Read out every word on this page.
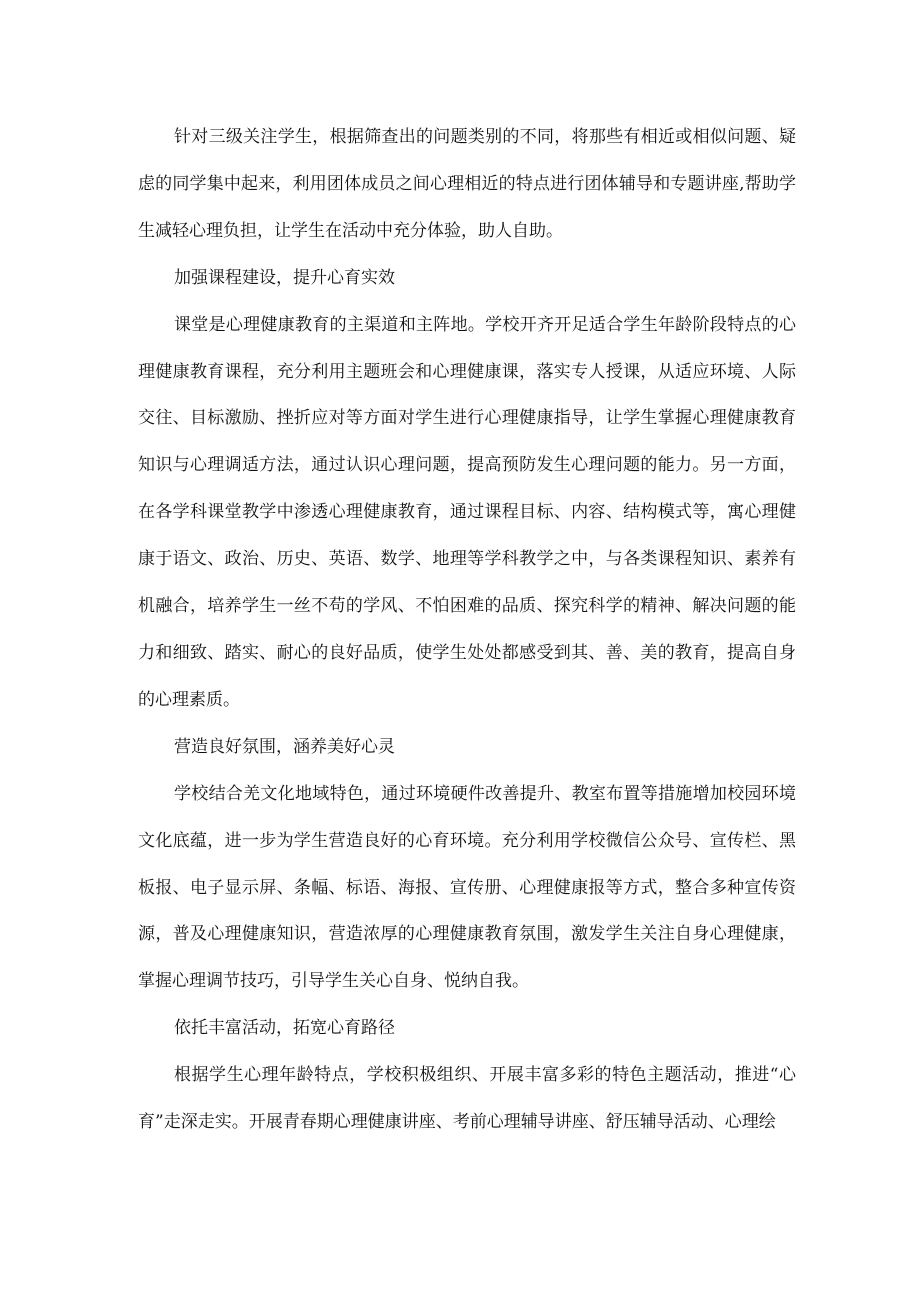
针对三级关注学生，根据筛查出的问题类别的不同，将那些有相近或相似问题、疑虑的同学集中起来，利用团体成员之间心理相近的特点进行团体辅导和专题讲座,帮助学生减轻心理负担，让学生在活动中充分体验，助人自助。

加强课程建设，提升心育实效

课堂是心理健康教育的主渠道和主阵地。学校开齐开足适合学生年龄阶段特点的心理健康教育课程，充分利用主题班会和心理健康课，落实专人授课，从适应环境、人际交往、目标激励、挫折应对等方面对学生进行心理健康指导，让学生掌握心理健康教育知识与心理调适方法，通过认识心理问题，提高预防发生心理问题的能力。另一方面，在各学科课堂教学中渗透心理健康教育，通过课程目标、内容、结构模式等，寓心理健康于语文、政治、历史、英语、数学、地理等学科教学之中，与各类课程知识、素养有机融合，培养学生一丝不苟的学风、不怕困难的品质、探究科学的精神、解决问题的能力和细致、踏实、耐心的良好品质，使学生处处都感受到其、善、美的教育，提高自身的心理素质。

营造良好氛围，涵养美好心灵

学校结合羌文化地域特色，通过环境硬件改善提升、教室布置等措施增加校园环境文化底蕴，进一步为学生营造良好的心育环境。充分利用学校微信公众号、宣传栏、黑板报、电子显示屏、条幅、标语、海报、宣传册、心理健康报等方式，整合多种宣传资源，普及心理健康知识，营造浓厚的心理健康教育氛围，激发学生关注自身心理健康，掌握心理调节技巧，引导学生关心自身、悦纳自我。

依托丰富活动，拓宽心育路径

根据学生心理年龄特点，学校积极组织、开展丰富多彩的特色主题活动，推进“心育”走深走实。开展青春期心理健康讲座、考前心理辅导讲座、舒压辅导活动、心理绘
